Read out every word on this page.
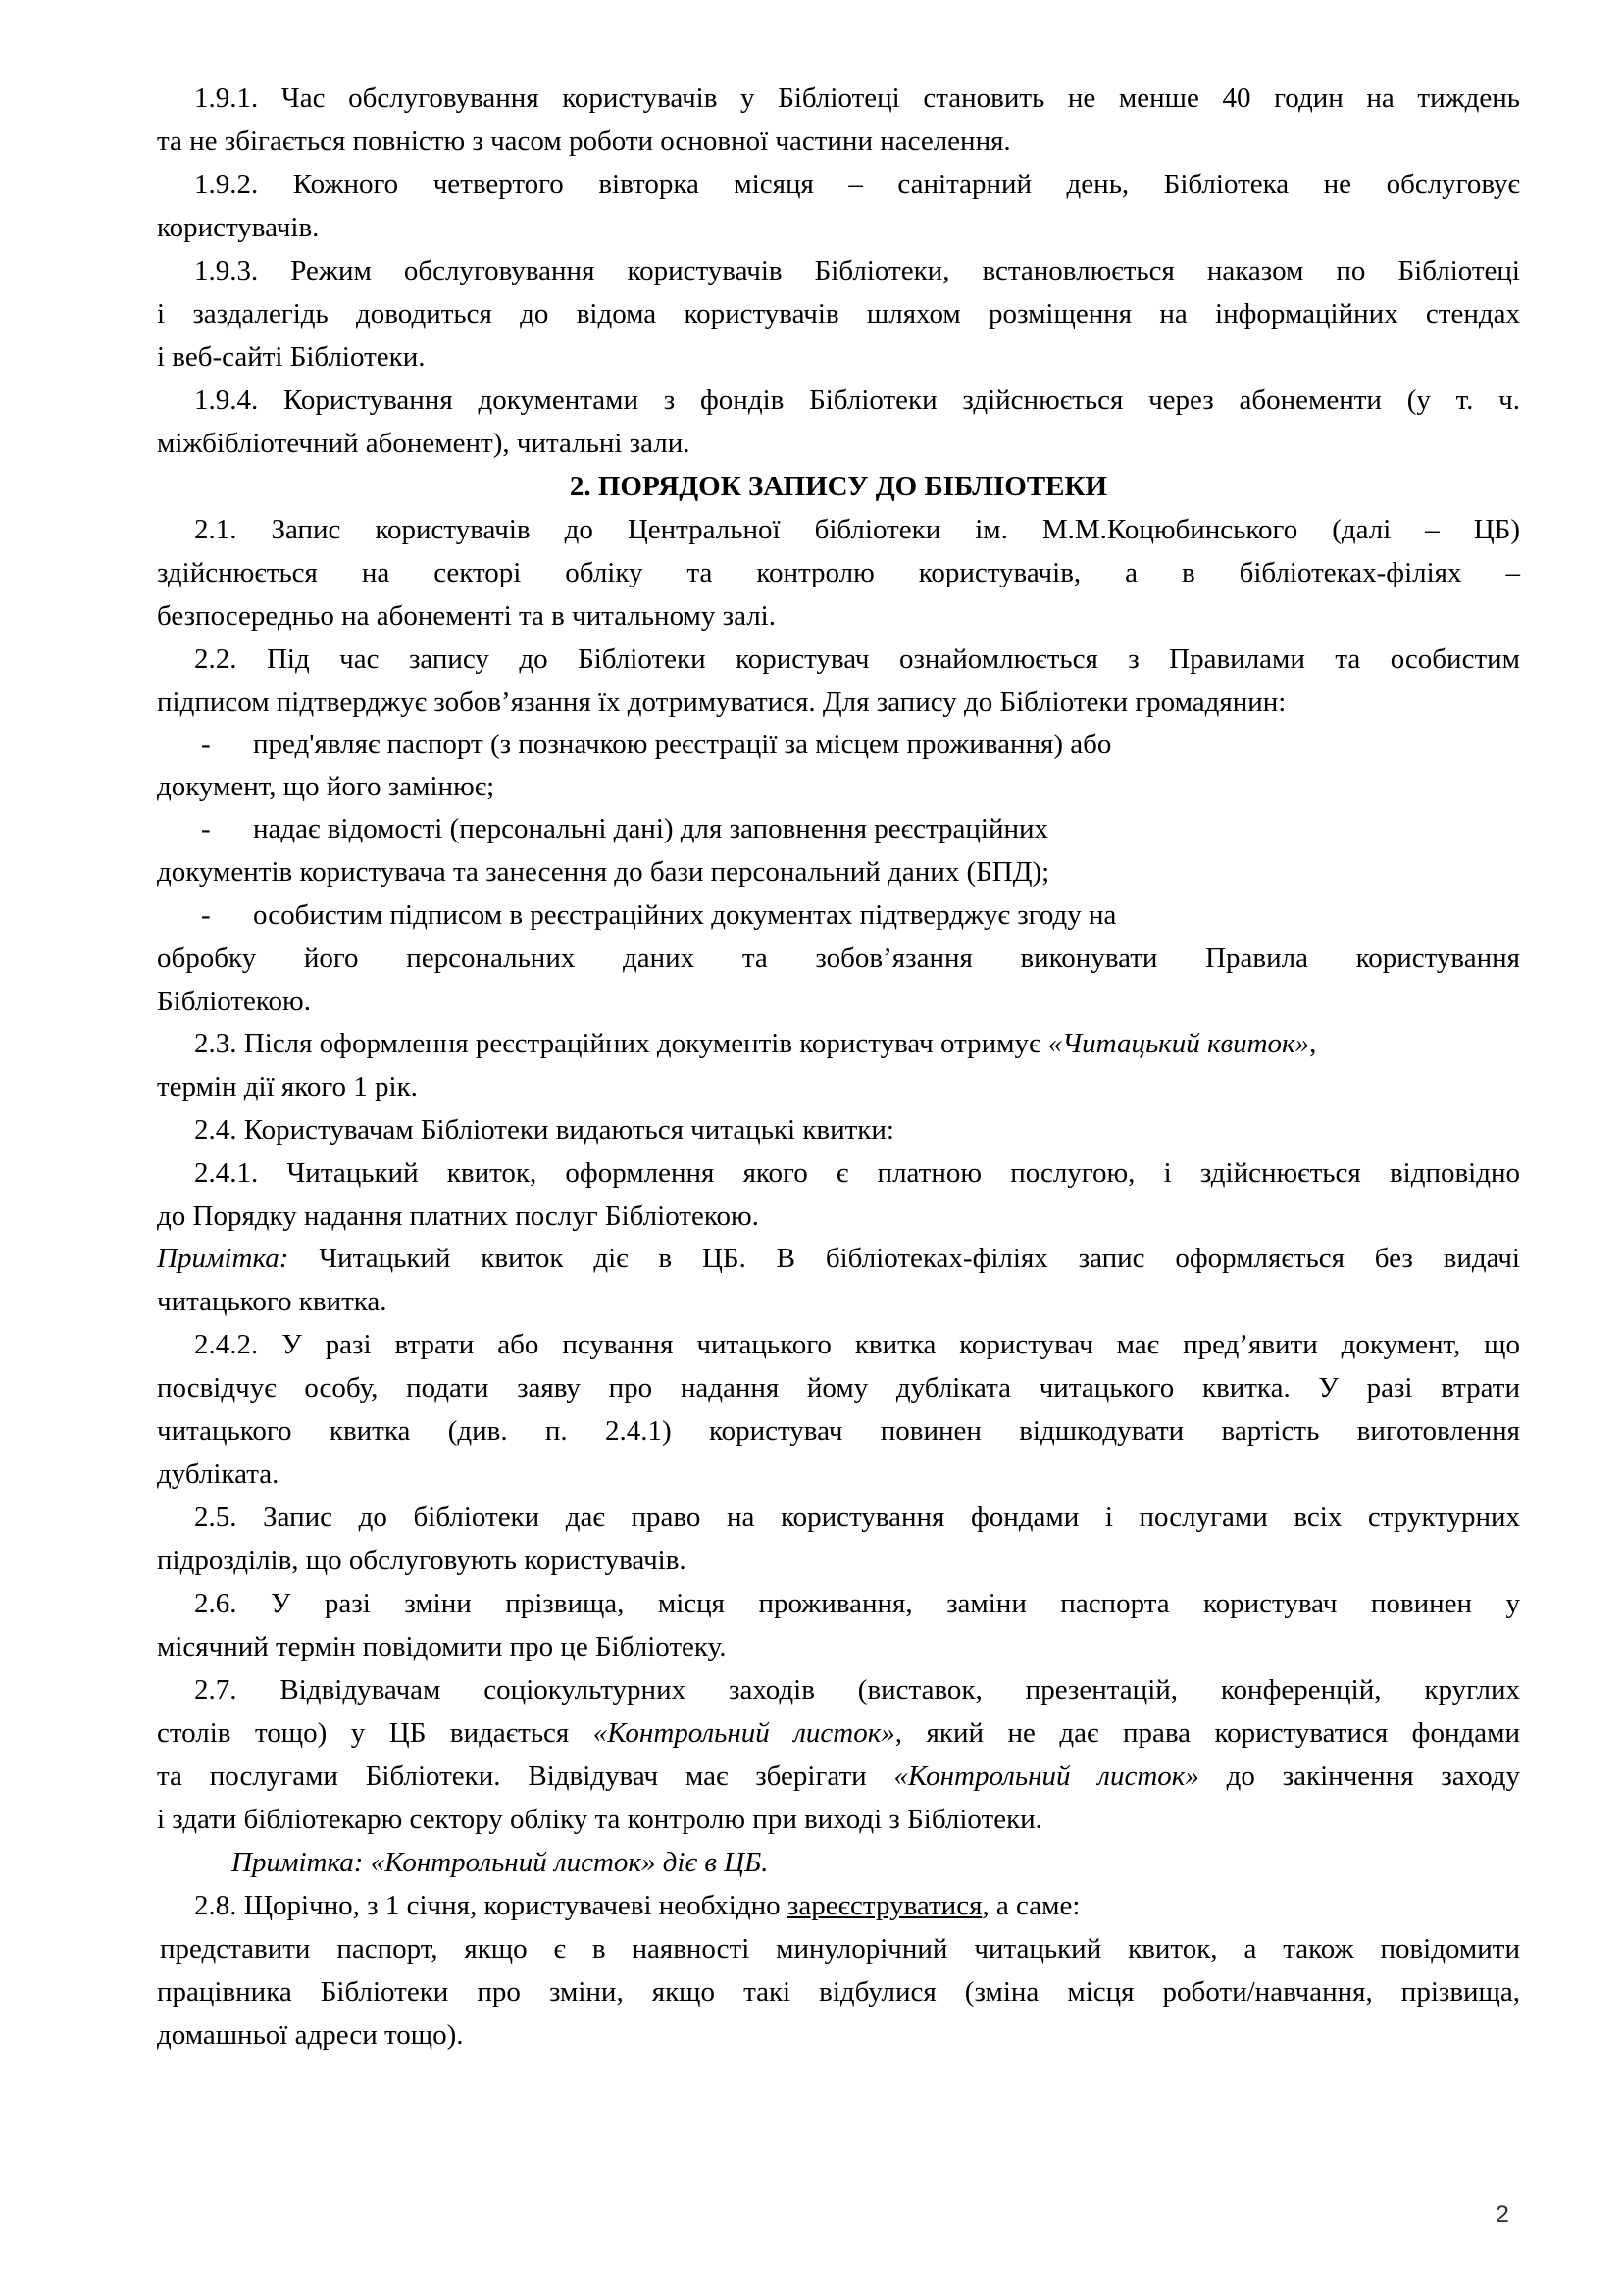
1.9.1. Час обслуговування користувачів у Бібліотеці становить не менше 40 годин на тиждень
та не збігається повністю з часом роботи основної частини населення.
1.9.2. Кожного четвертого вівторка місяця – санітарний день, Бібліотека не обслуговує
користувачів.
1.9.3. Режим обслуговування користувачів Бібліотеки, встановлюється наказом по Бібліотеці
і заздалегідь доводиться до відома користувачів шляхом розміщення на інформаційних стендах
і веб-сайті Бібліотеки.
1.9.4. Користування документами з фондів Бібліотеки здійснюється через абонементи (у т. ч.
міжбібліотечний абонемент), читальні зали.
2. ПОРЯДОК ЗАПИСУ ДО БІБЛІОТЕКИ
2.1. Запис користувачів до Центральної бібліотеки ім. М.М.Коцюбинського (далі – ЦБ)
здійснюється на секторі обліку та контролю користувачів, а в бібліотеках-філіях –
безпосередньо на абонементі та в читальному залі.
2.2. Під час запису до Бібліотеки користувач ознайомлюється з Правилами та особистим
підписом підтверджує зобов’язання їх дотримуватися. Для запису до Бібліотеки громадянин:
- пред'являє паспорт (з позначкою реєстрації за місцем проживання) або
документ, що його замінює;
- надає відомості (персональні дані) для заповнення реєстраційних
документів користувача та занесення до бази персональний даних (БПД);
- особистим підписом в реєстраційних документах підтверджує згоду на
обробку його персональних даних та зобов’язання виконувати Правила користування
Бібліотекою.
2.3. Після оформлення реєстраційних документів користувач отримує «Читацький квиток»,
термін дії якого 1 рік.
2.4. Користувачам Бібліотеки видаються читацькі квитки:
2.4.1. Читацький квиток, оформлення якого є платною послугою, і здійснюється відповідно
до Порядку надання платних послуг Бібліотекою.
Примітка: Читацький квиток діє в ЦБ. В бібліотеках-філіях запис оформляється без видачі
читацького квитка.
2.4.2. У разі втрати або псування читацького квитка користувач має пред’явити документ, що
посвідчує особу, подати заяву про надання йому дубліката читацького квитка. У разі втрати
читацького квитка (див. п. 2.4.1) користувач повинен відшкодувати вартість виготовлення
дубліката.
2.5. Запис до бібліотеки дає право на користування фондами і послугами всіх структурних
підрозділів, що обслуговують користувачів.
2.6. У разі зміни прізвища, місця проживання, заміни паспорта користувач повинен у
місячний термін повідомити про це Бібліотеку.
2.7. Відвідувачам соціокультурних заходів (виставок, презентацій, конференцій, круглих
столів тощо) у ЦБ видається «Контрольний листок», який не дає права користуватися фондами
та послугами Бібліотеки. Відвідувач має зберігати «Контрольний листок» до закінчення заходу
і здати бібліотекарю сектору обліку та контролю при виході з Бібліотеки.
Примітка: «Контрольний листок» діє в ЦБ.
2.8. Щорічно, з 1 січня, користувачеві необхідно зареєструватися, а саме:
представити паспорт, якщо є в наявності минулорічний читацький квиток, а також повідомити
працівника Бібліотеки про зміни, якщо такі відбулися (зміна місця роботи/навчання, прізвища,
домашньої адреси тощо).
2
